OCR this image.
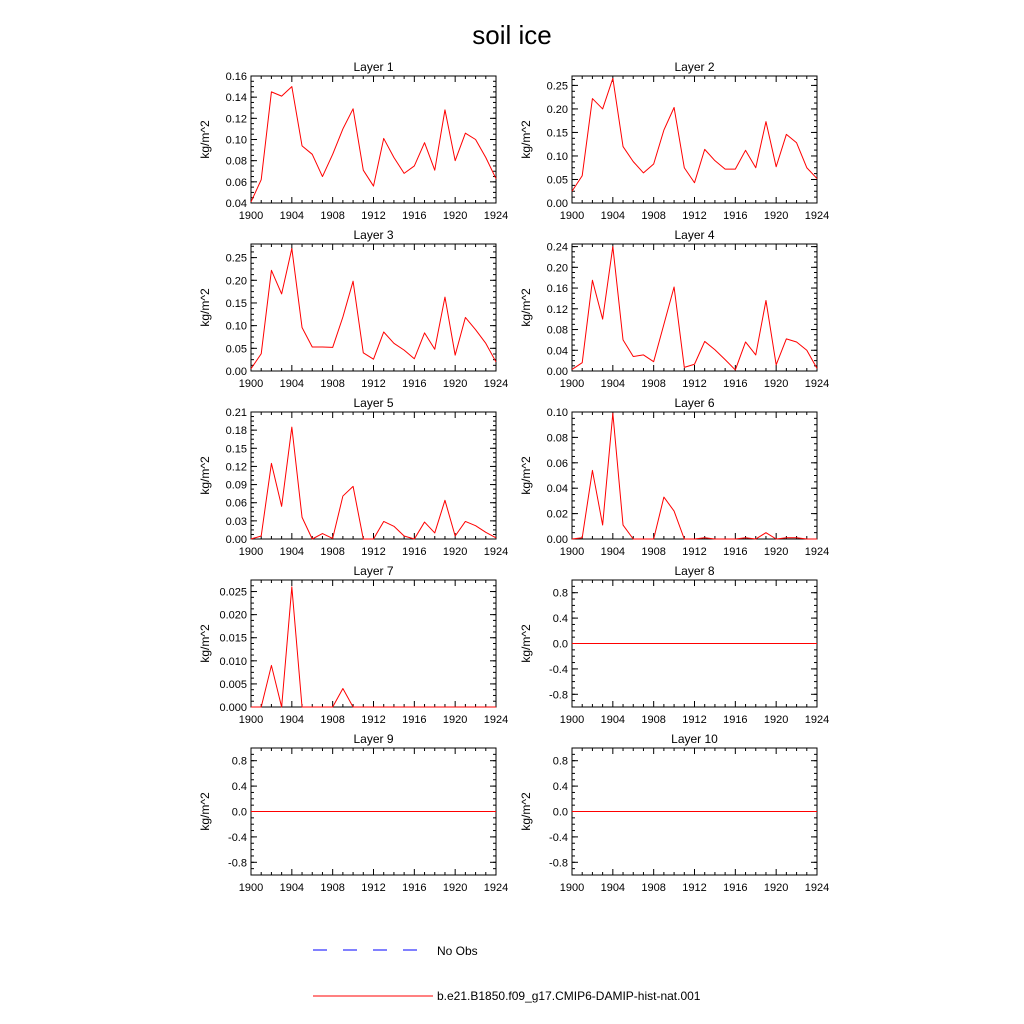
soil ice
Layer 1
kg/m^2
1900 1904 1908 1912 1916 1920 1924
0.04
0.06
0.08
0.10
0.12
0.14
0.16
Layer 2
kg/m^2
1900 1904 1908 1912 1916 1920 1924
0.00
0.05
0.10
0.15
0.20
0.25
Layer 3
kg/m^2
1900 1904 1908 1912 1916 1920 1924
0.00
0.05
0.10
0.15
0.20
0.25
Layer 4
kg/m^2
1900 1904 1908 1912 1916 1920 1924
0.00
0.04
0.08
0.12
0.16
0.20
0.24
Layer 5
kg/m^2
1900 1904 1908 1912 1916 1920 1924
0.00
0.03
0.06
0.09
0.12
0.15
0.18
0.21
Layer 6
kg/m^2
1900 1904 1908 1912 1916 1920 1924
0.00
0.02
0.04
0.06
0.08
0.10
Layer 7
kg/m^2
1900 1904 1908 1912 1916 1920 1924
0.000
0.005
0.010
0.015
0.020
0.025
Layer 8
kg/m^2
1900 1904 1908 1912 1916 1920 1924
-0.8
-0.4
0.0
0.4
0.8
Layer 9
kg/m^2
1900 1904 1908 1912 1916 1920 1924
-0.8
-0.4
0.0
0.4
0.8
Layer 10
kg/m^2
1900 1904 1908 1912 1916 1920 1924
-0.8
-0.4
0.0
0.4
0.8
No Obs
b.e21.B1850.f09_g17.CMIP6-DAMIP-hist-nat.001
